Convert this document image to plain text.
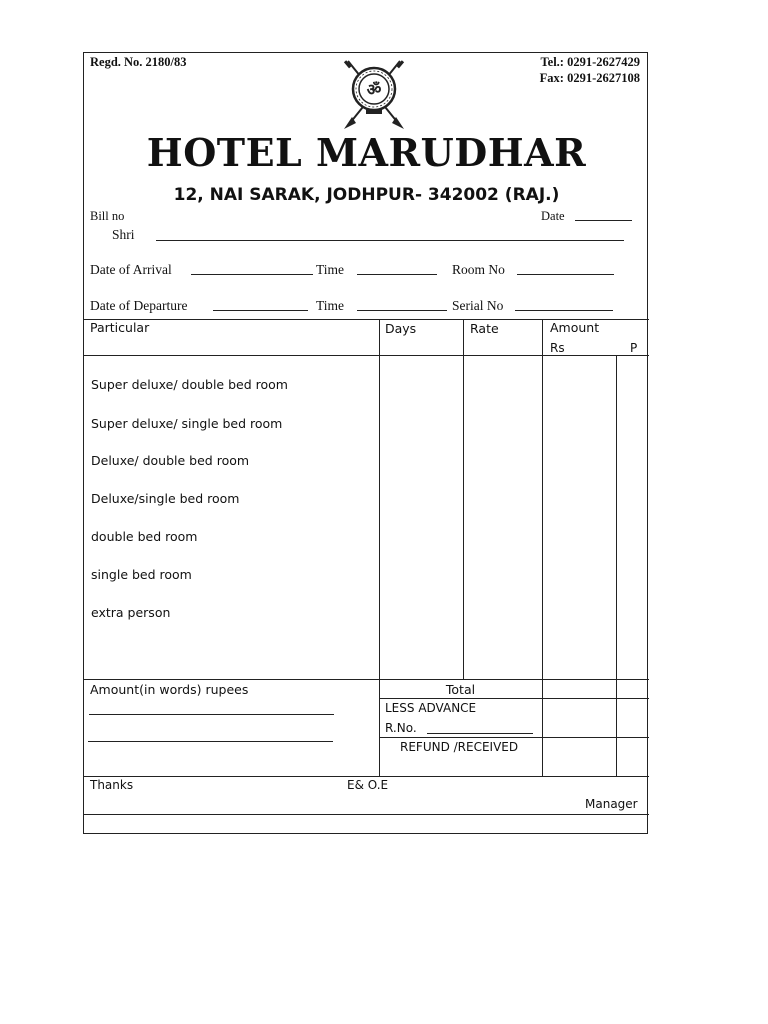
Regd. No. 2180/83	Tel.: 0291-2627429
Fax: 0291-2627108
ॐ
HOTEL MARUDHAR
12, NAI SARAK, JODHPUR- 342002 (RAJ.)
Bill no	Date
Shri
Date of Arrival	Time	Room No
Date of Departure	Time	Serial No
Particular	Days	Rate	Amount
Rs	P
Super deluxe/ double bed room
Super deluxe/ single bed room
Deluxe/ double bed room
Deluxe/single bed room
double bed room
single bed room
extra person
Amount(in words) rupees	Total
LESS ADVANCE
R.No.
REFUND /RECEIVED
Thanks	E& O.E
Manager
